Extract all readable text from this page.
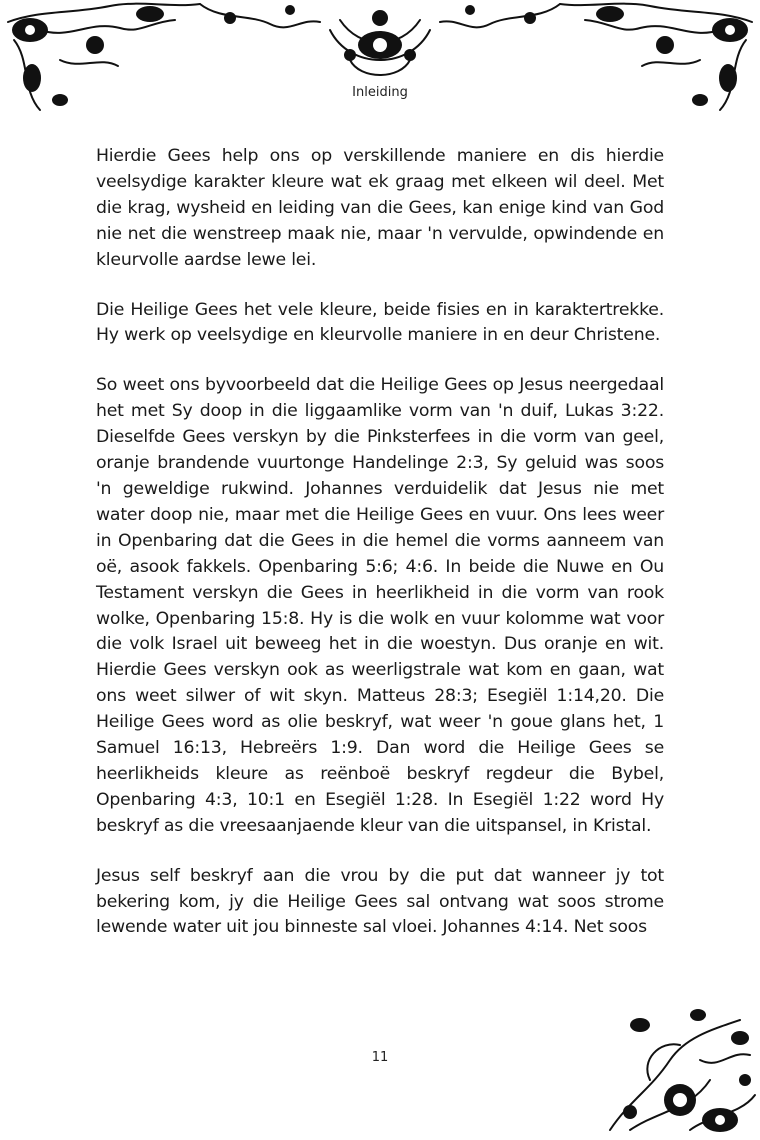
Inleiding

Hierdie Gees help ons op verskillende maniere en dis hierdie veelsydige karakter kleure wat ek graag met elkeen wil deel. Met die krag, wysheid en leiding van die Gees, kan enige kind van God nie net die wenstreep maak nie, maar 'n vervulde, opwindende en kleurvolle aardse lewe lei.

Die Heilige Gees het vele kleure, beide fisies en in karaktertrekke. Hy werk op veelsydige en kleurvolle maniere in en deur Christene.

So weet ons byvoorbeeld dat die Heilige Gees op Jesus neergedaal het met Sy doop in die liggaamlike vorm van 'n duif, Lukas 3:22. Dieselfde Gees verskyn by die Pinksterfees in die vorm van geel, oranje brandende vuurtonge Handelinge 2:3, Sy geluid was soos 'n geweldige rukwind. Johannes verduidelik dat Jesus nie met water doop nie, maar met die Heilige Gees en vuur. Ons lees weer in Openbaring dat die Gees in die hemel die vorms aanneem van oë, asook fakkels. Openbaring 5:6; 4:6. In beide die Nuwe en Ou Testament verskyn die Gees in heerlikheid in die vorm van rook wolke, Openbaring 15:8. Hy is die wolk en vuur kolomme wat voor die volk Israel uit beweeg het in die woestyn. Dus oranje en wit. Hierdie Gees verskyn ook as weerligstrale wat kom en gaan, wat ons weet silwer of wit skyn. Matteus 28:3; Esegiël 1:14,20. Die Heilige Gees word as olie beskryf, wat weer 'n goue glans het, 1 Samuel 16:13, Hebreërs 1:9. Dan word die Heilige Gees se heerlikheids kleure as reënboë beskryf regdeur die Bybel, Openbaring 4:3, 10:1 en Esegiël 1:28. In Esegiël 1:22 word Hy beskryf as die vreesaanjaende kleur van die uitspansel, in Kristal.

Jesus self beskryf aan die vrou by die put dat wanneer jy tot bekering kom, jy die Heilige Gees sal ontvang wat soos strome lewende water uit jou binneste sal vloei. Johannes 4:14. Net soos

11
